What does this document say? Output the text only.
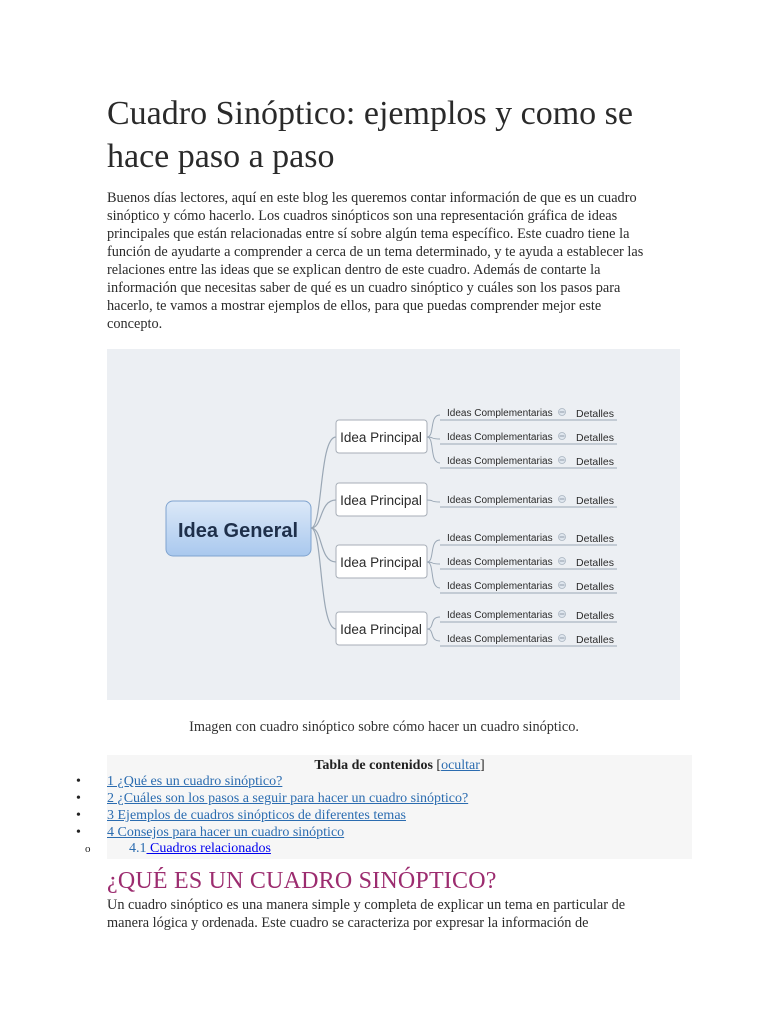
Cuadro Sinóptico: ejemplos y como se hace paso a paso

Buenos días lectores, aquí en este blog les queremos contar información de que es un cuadro sinóptico y cómo hacerlo. Los cuadros sinópticos son una representación gráfica de ideas principales que están relacionadas entre sí sobre algún tema específico. Este cuadro tiene la función de ayudarte a comprender a cerca de un tema determinado, y te ayuda a establecer las relaciones entre las ideas que se explican dentro de este cuadro. Además de contarte la información que necesitas saber de qué es un cuadro sinóptico y cuáles son los pasos para hacerlo, te vamos a mostrar ejemplos de ellos, para que puedas comprender mejor este concepto.

Idea General
Idea Principal
Ideas Complementarias Detalles
Ideas Complementarias Detalles
Ideas Complementarias Detalles
Idea Principal	Ideas Complementarias Detalles
Idea Principal
Ideas Complementarias Detalles
Ideas Complementarias Detalles
Ideas Complementarias Detalles
Idea Principal
Ideas Complementarias Detalles
Ideas Complementarias Detalles
Imagen con cuadro sinóptico sobre cómo hacer un cuadro sinóptico.
Tabla de contenidos [ocultar]
• 1 ¿Qué es un cuadro sinóptico?
• 2 ¿Cuáles son los pasos a seguir para hacer un cuadro sinóptico?
• 3 Ejemplos de cuadros sinópticos de diferentes temas
• 4 Consejos para hacer un cuadro sinóptico
o	4.1 Cuadros relacionados
¿QUÉ ES UN CUADRO SINÓPTICO?

Un cuadro sinóptico es una manera simple y completa de explicar un tema en particular de manera lógica y ordenada. Este cuadro se caracteriza por expresar la información de
